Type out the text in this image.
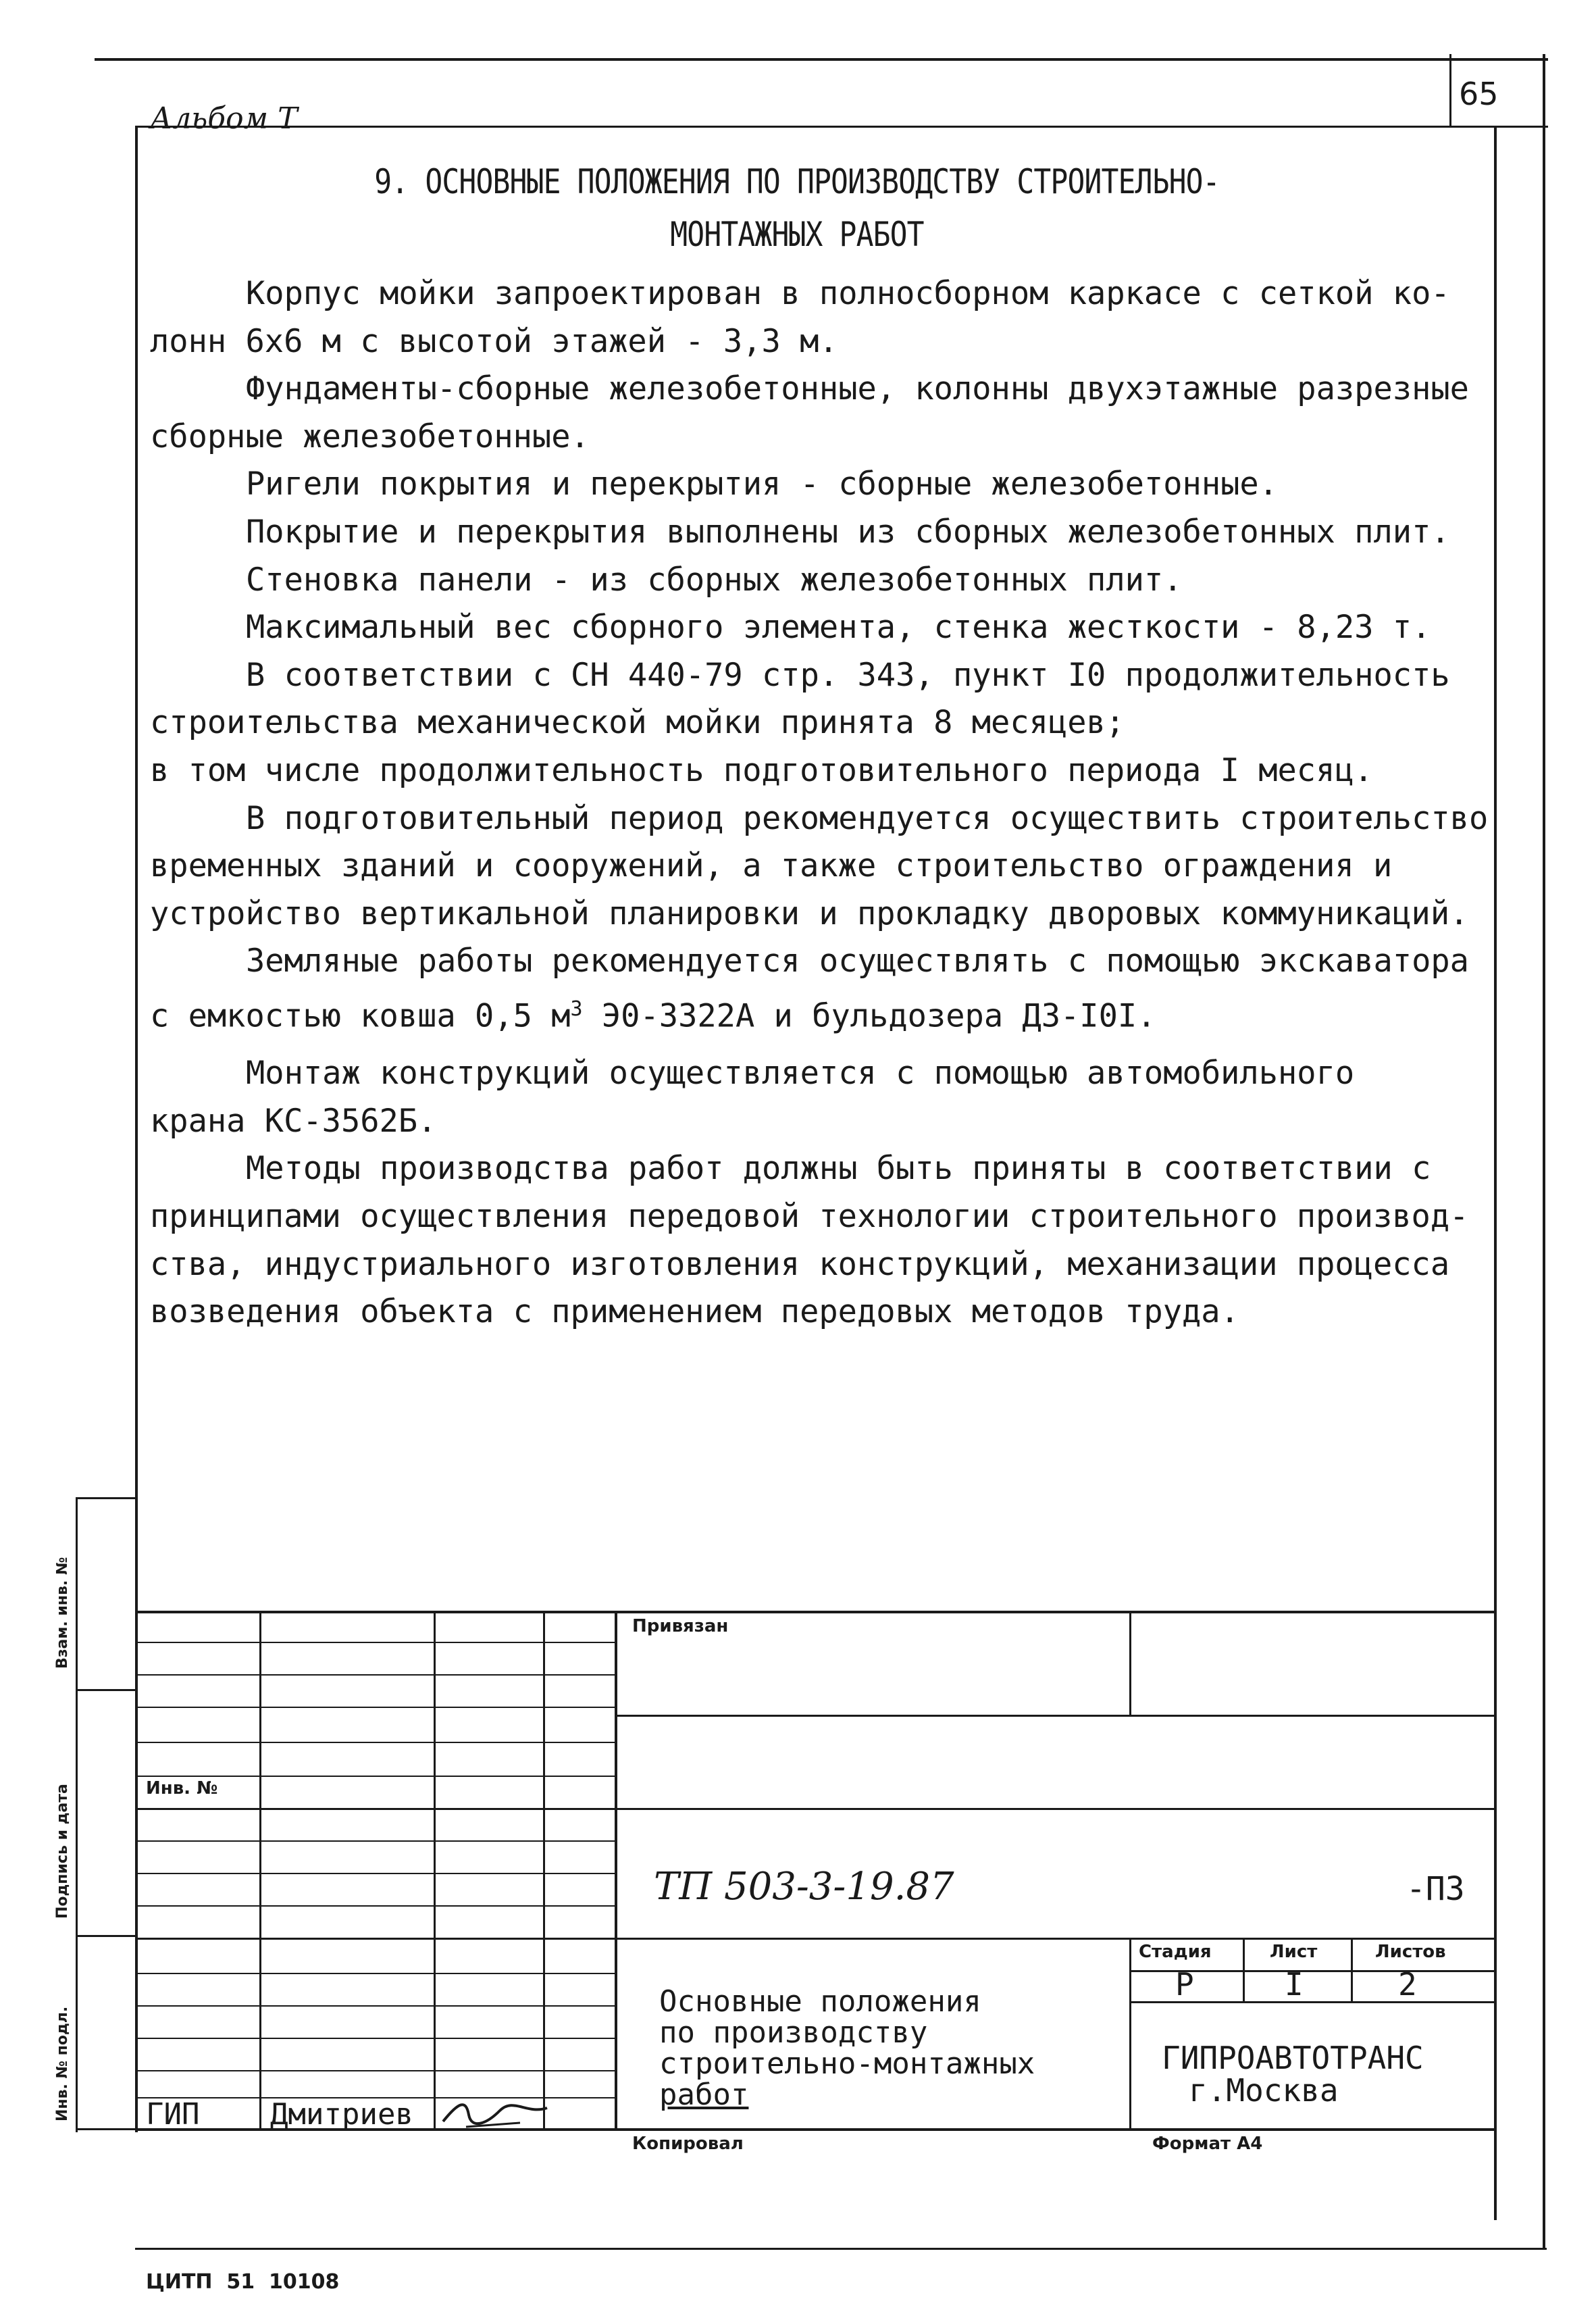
65
Альбом Т
9. ОСНОВНЫЕ ПОЛОЖЕНИЯ ПО ПРОИЗВОДСТВУ СТРОИТЕЛЬНО-
МОНТАЖНЫХ РАБОТ

Корпус мойки запроектирован в полносборном каркасе с сеткой ко-

лонн 6х6 м с высотой этажей - 3,3 м.

Фундаменты-сборные железобетонные, колонны двухэтажные разрезные

сборные железобетонные.

Ригели покрытия и перекрытия - сборные железобетонные.

Покрытие и перекрытия выполнены из сборных железобетонных плит.

Стеновка панели - из сборных железобетонных плит.

Максимальный вес сборного элемента, стенка жесткости - 8,23 т.

В соответствии с СН 440-79 стр. 343, пункт I0 продолжительность

строительства механической мойки принята 8 месяцев;

в том числе продолжительность подготовительного периода I месяц.

В подготовительный период рекомендуется осуществить строительство

временных зданий и сооружений, а также строительство ограждения и

устройство вертикальной планировки и прокладку дворовых коммуникаций.

Земляные работы рекомендуется осуществлять с помощью экскаватора

с емкостью ковша 0,5 $м^3$ Э0-3322А и бульдозера ДЗ-I0I.

Монтаж конструкций осуществляется с помощью автомобильного

крана КС-3562Б.

Методы производства работ должны быть приняты в соответствии с

принципами осуществления передовой технологии строительного производ-

ства, индустриального изготовления конструкций, механизации процесса

возведения объекта с применением передовых методов труда.

Привязан
Инв. №
ТП 503-3-19.87	-ПЗ
Стадия	Лист	Листов
Р	I	2
Основные положения
по производству
строительно-монтажных
работ
ГИПРОАВТОТРАНС
г.Москва
ГИП Дмитриев
Копировал	Формат А4
Взам. инв. №
Подпись и дата
Инв. № подл.
ЦИТП  51  10108
